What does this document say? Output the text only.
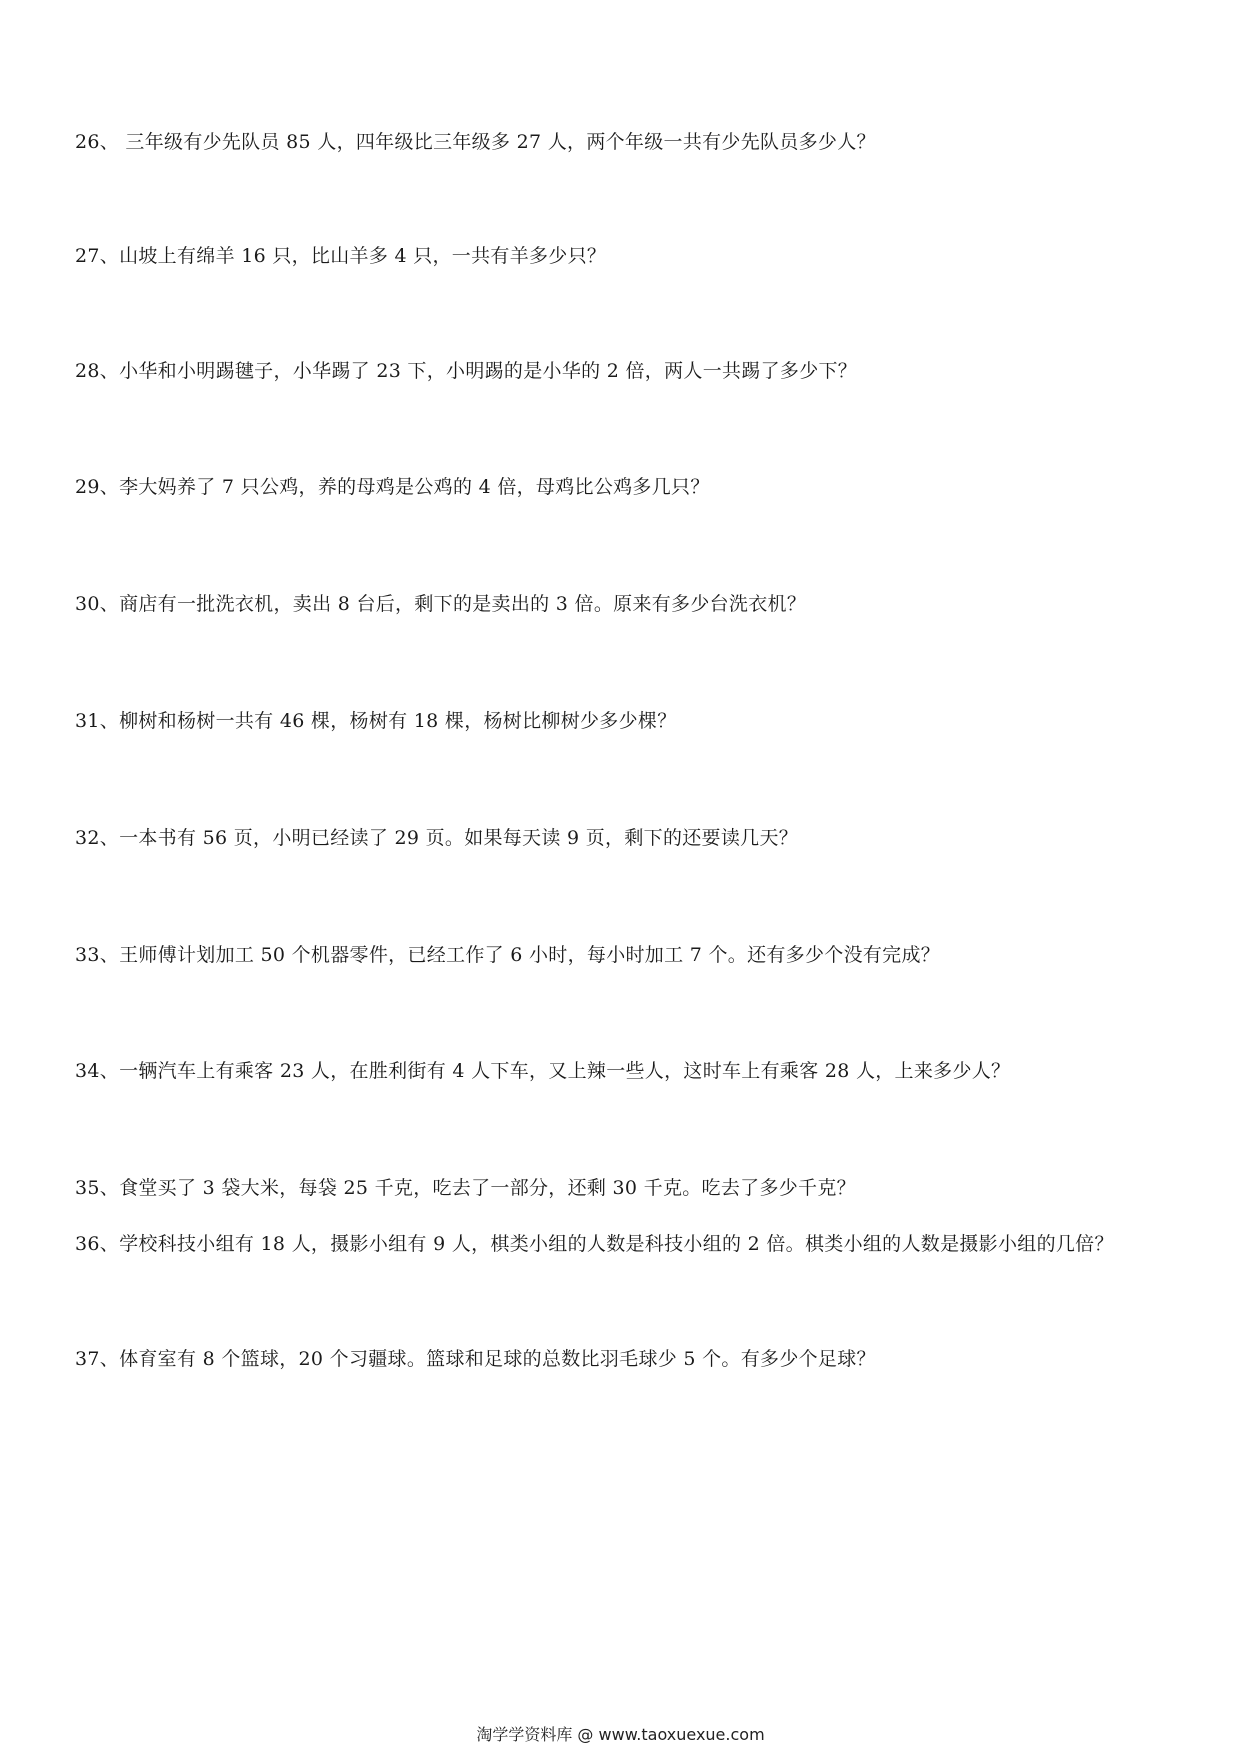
26、 三年级有少先队员 85 人，四年级比三年级多 27 人，两个年级一共有少先队员多少人？
27、山坡上有绵羊 16 只，比山羊多 4 只，一共有羊多少只？
28、小华和小明踢毽子，小华踢了 23 下，小明踢的是小华的 2 倍，两人一共踢了多少下？
29、李大妈养了 7 只公鸡，养的母鸡是公鸡的 4 倍，母鸡比公鸡多几只？
30、商店有一批洗衣机，卖出 8 台后，剩下的是卖出的 3 倍。原来有多少台洗衣机？
31、柳树和杨树一共有 46 棵，杨树有 18 棵，杨树比柳树少多少棵？
32、一本书有 56 页，小明已经读了 29 页。如果每天读 9 页，剩下的还要读几天？
33、王师傅计划加工 50 个机器零件，已经工作了 6 小时，每小时加工 7 个。还有多少个没有完成？
34、一辆汽车上有乘客 23 人，在胜利街有 4 人下车，又上辣一些人，这时车上有乘客 28 人，上来多少人？
35、食堂买了 3 袋大米，每袋 25 千克，吃去了一部分，还剩 30 千克。吃去了多少千克？
36、学校科技小组有 18 人，摄影小组有 9 人，棋类小组的人数是科技小组的 2 倍。棋类小组的人数是摄影小组的几倍？
37、体育室有 8 个篮球，20 个习疆球。篮球和足球的总数比羽毛球少 5 个。有多少个足球？
淘学学资料库 @ www.taoxuexue.com
